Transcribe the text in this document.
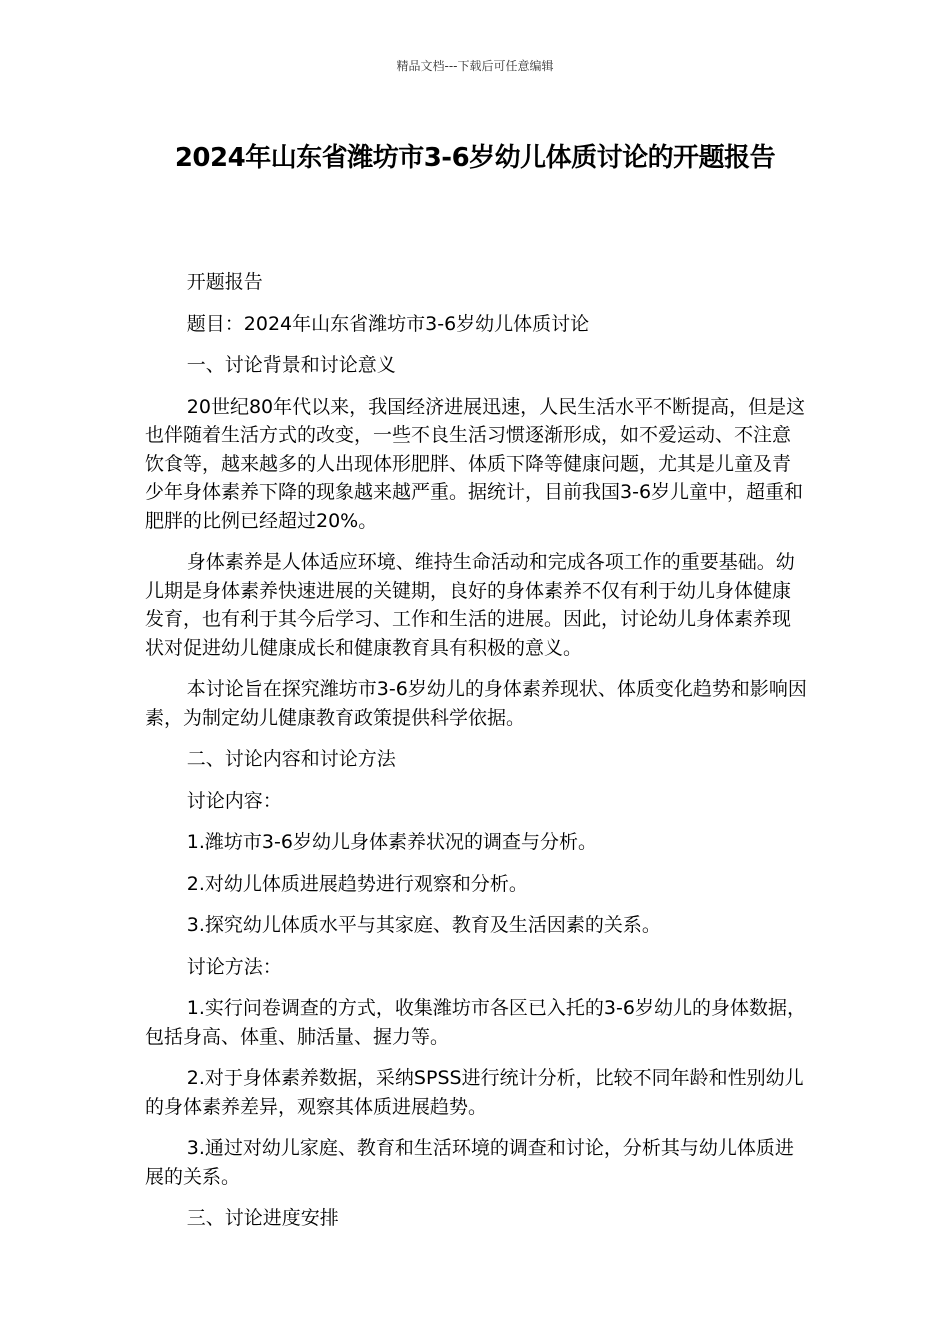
精品文档---下载后可任意编辑
2024年山东省潍坊市3-6岁幼儿体质讨论的开题报告

开题报告

题目：2024年山东省潍坊市3-6岁幼儿体质讨论

一、讨论背景和讨论意义

20世纪80年代以来，我国经济进展迅速，人民生活水平不断提高，但是这也伴随着生活方式的改变，一些不良生活习惯逐渐形成，如不爱运动、不注意饮食等，越来越多的人出现体形肥胖、体质下降等健康问题，尤其是儿童及青少年身体素养下降的现象越来越严重。据统计，目前我国3-6岁儿童中，超重和肥胖的比例已经超过20%。

身体素养是人体适应环境、维持生命活动和完成各项工作的重要基础。幼儿期是身体素养快速进展的关键期，良好的身体素养不仅有利于幼儿身体健康发育，也有利于其今后学习、工作和生活的进展。因此，讨论幼儿身体素养现状对促进幼儿健康成长和健康教育具有积极的意义。

本讨论旨在探究潍坊市3-6岁幼儿的身体素养现状、体质变化趋势和影响因素，为制定幼儿健康教育政策提供科学依据。

二、讨论内容和讨论方法

讨论内容：

1.潍坊市3-6岁幼儿身体素养状况的调查与分析。

2.对幼儿体质进展趋势进行观察和分析。

3.探究幼儿体质水平与其家庭、教育及生活因素的关系。

讨论方法：

1.实行问卷调查的方式，收集潍坊市各区已入托的3-6岁幼儿的身体数据，包括身高、体重、肺活量、握力等。

2.对于身体素养数据，采纳SPSS进行统计分析，比较不同年龄和性别幼儿的身体素养差异，观察其体质进展趋势。

3.通过对幼儿家庭、教育和生活环境的调查和讨论，分析其与幼儿体质进展的关系。

三、讨论进度安排
